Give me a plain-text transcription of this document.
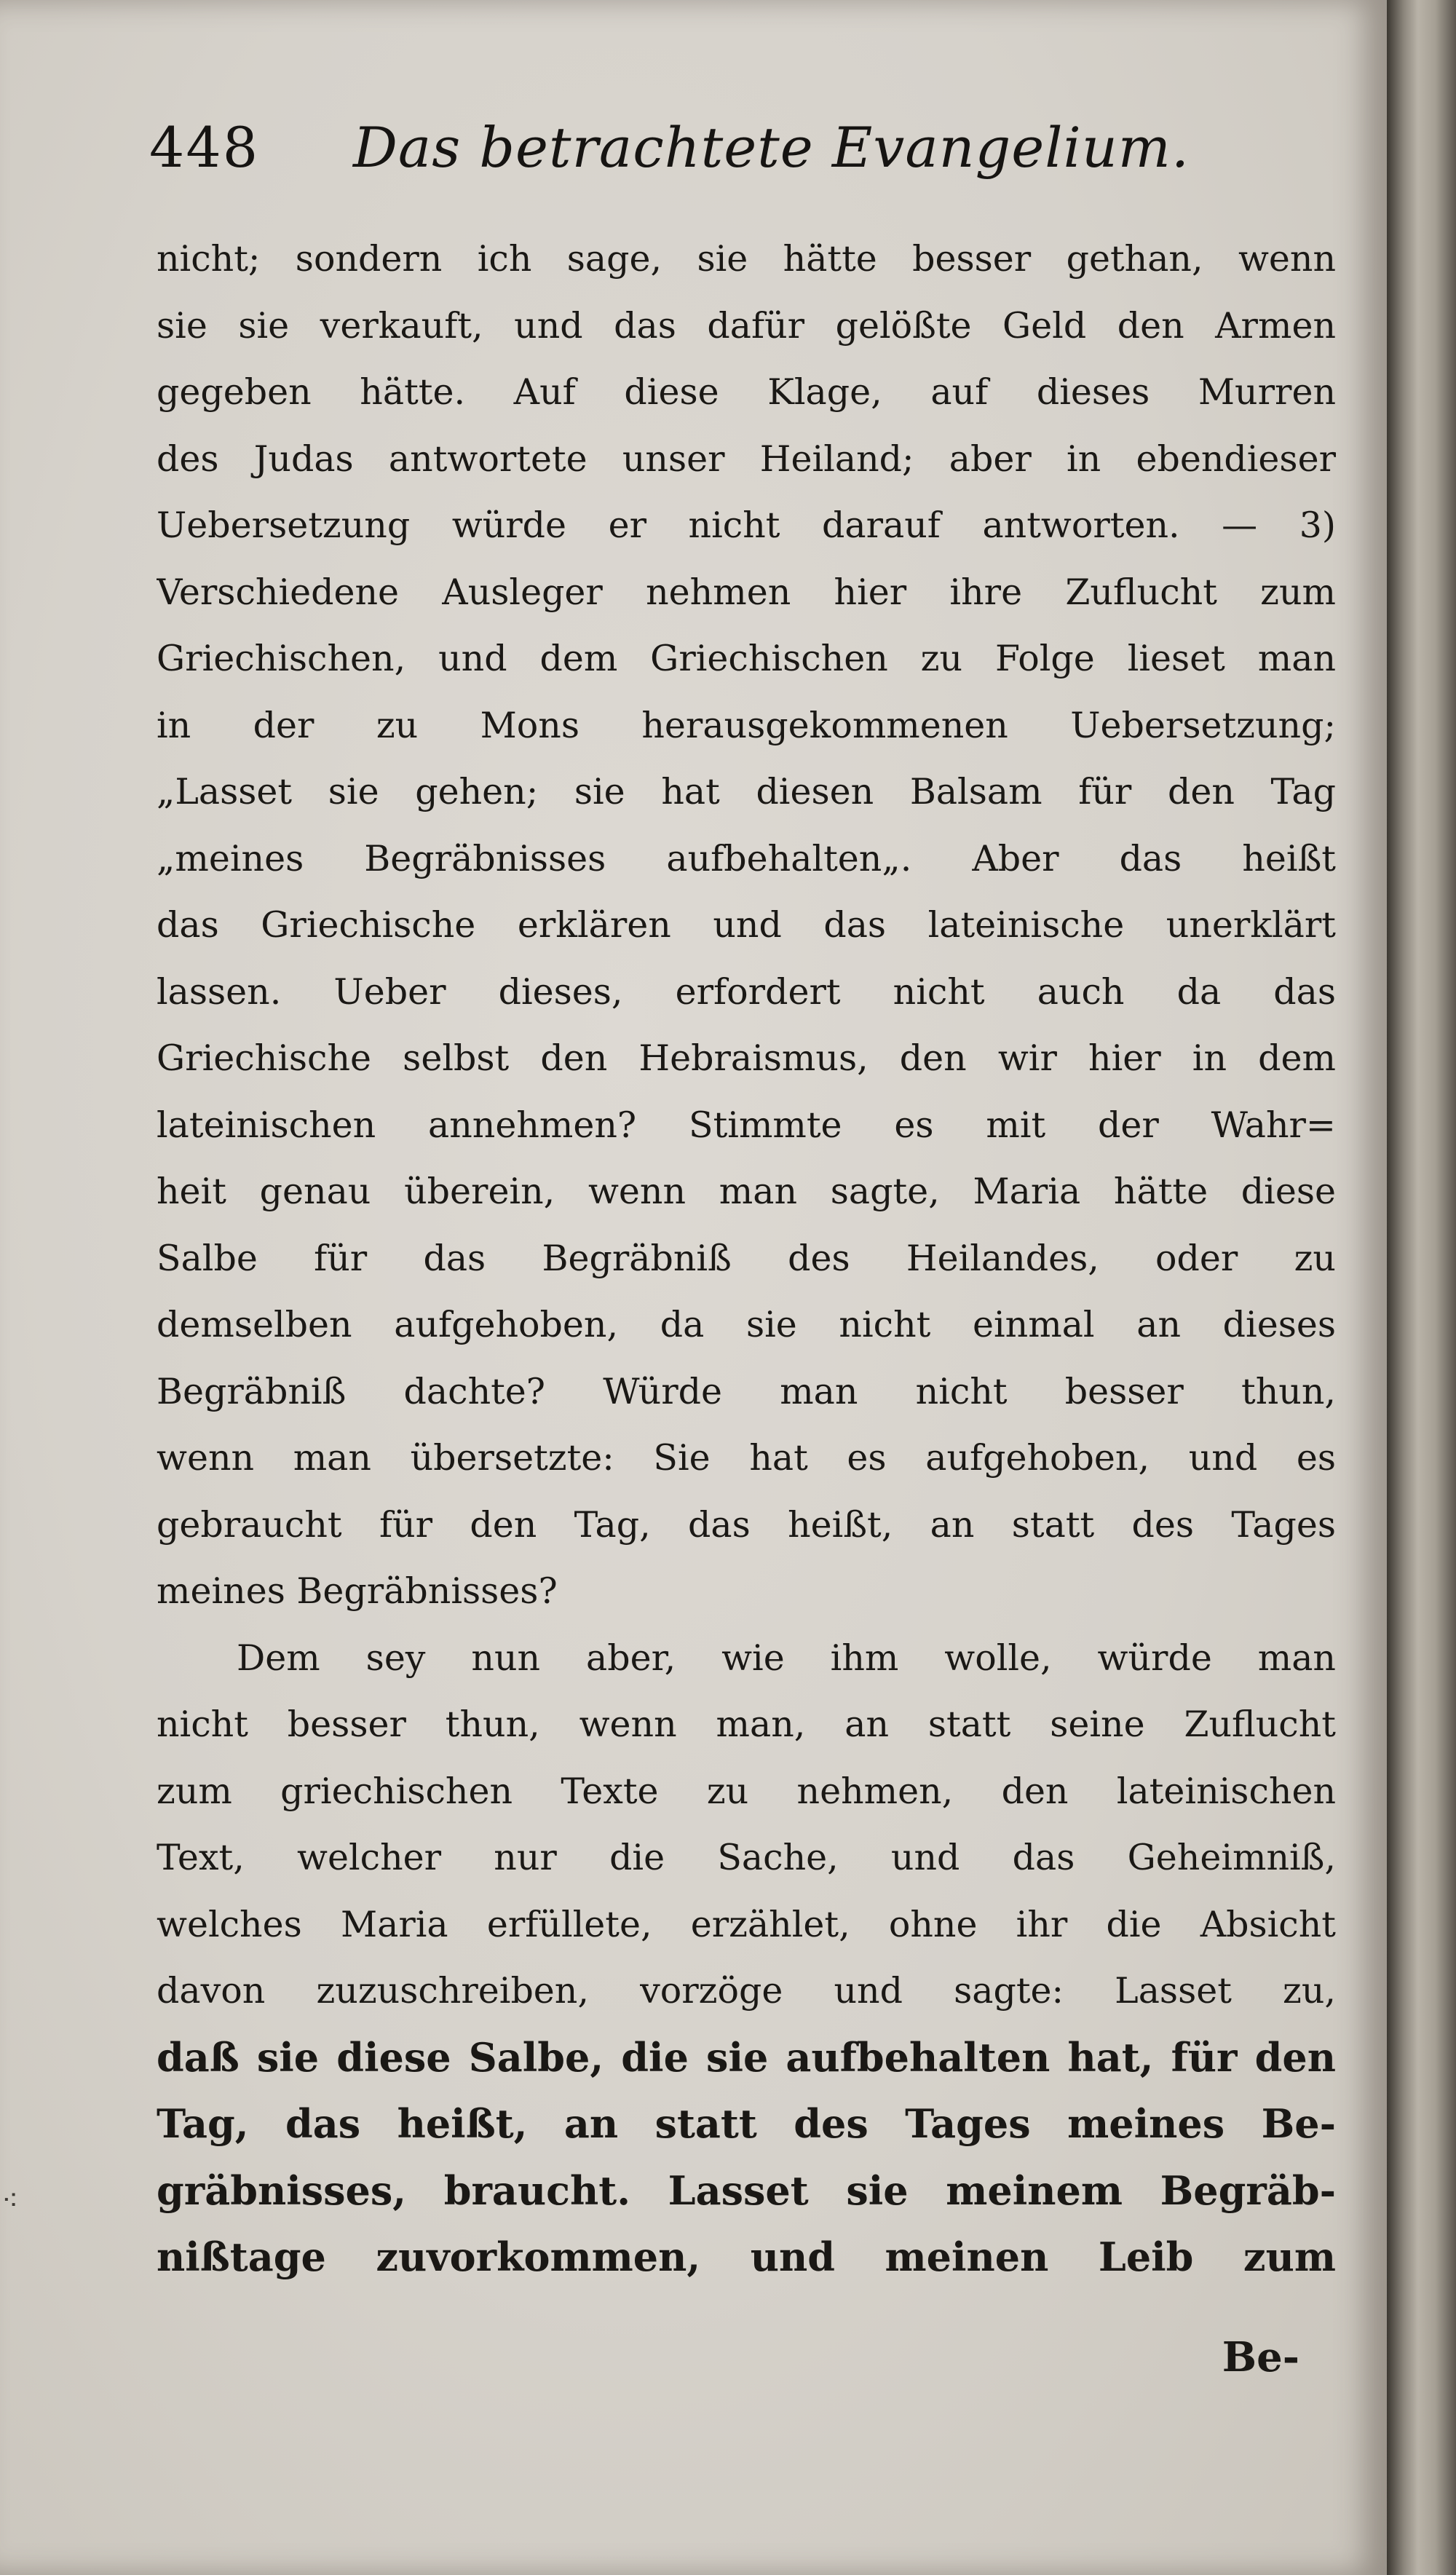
448 Das betrachtete Evangelium.
nicht; sondern ich sage, sie hätte besser gethan, wenn
sie sie verkauft, und das dafür gelößte Geld den Armen
gegeben hätte. Auf diese Klage, auf dieses Murren
des Judas antwortete unser Heiland; aber in ebendieser
Uebersetzung würde er nicht darauf antworten. — 3)
Verschiedene Ausleger nehmen hier ihre Zuflucht zum
Griechischen, und dem Griechischen zu Folge lieset man
in der zu Mons herausgekommenen Uebersetzung;
„Lasset sie gehen; sie hat diesen Balsam für den Tag
„meines Begräbnisses aufbehalten„. Aber das heißt
das Griechische erklären und das lateinische unerklärt
lassen. Ueber dieses, erfordert nicht auch da das
Griechische selbst den Hebraismus, den wir hier in dem
lateinischen annehmen? Stimmte es mit der Wahr=
heit genau überein, wenn man sagte, Maria hätte diese
Salbe für das Begräbniß des Heilandes, oder zu
demselben aufgehoben, da sie nicht einmal an dieses
Begräbniß dachte? Würde man nicht besser thun,
wenn man übersetzte: Sie hat es aufgehoben, und es
gebraucht für den Tag, das heißt, an statt des Tages
meines Begräbnisses?
Dem sey nun aber, wie ihm wolle, würde man
nicht besser thun, wenn man, an statt seine Zuflucht
zum griechischen Texte zu nehmen, den lateinischen
Text, welcher nur die Sache, und das Geheimniß,
welches Maria erfüllete, erzählet, ohne ihr die Absicht
davon zuzuschreiben, vorzöge und sagte: Lasset zu,
daß sie diese Salbe, die sie aufbehalten hat, für den
Tag, das heißt, an statt des Tages meines Be-
gräbnisses, braucht. Lasset sie meinem Begräb-
nißtage zuvorkommen, und meinen Leib zum
Be-
⁖
